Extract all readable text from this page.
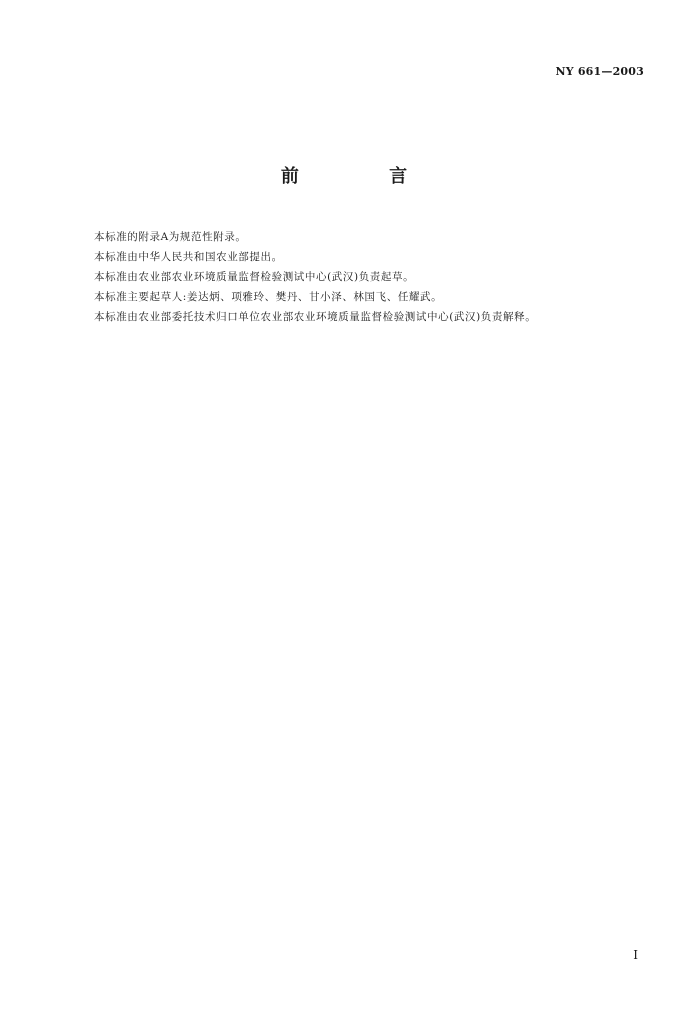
NY 661—2003
前 言
本标准的附录A为规范性附录。
本标准由中华人民共和国农业部提出。
本标准由农业部农业环境质量监督检验测试中心(武汉)负责起草。
本标准主要起草人:姜达炳、项雅玲、樊丹、甘小泽、林国飞、任耀武。
本标准由农业部委托技术归口单位农业部农业环境质量监督检验测试中心(武汉)负责解释。
I
